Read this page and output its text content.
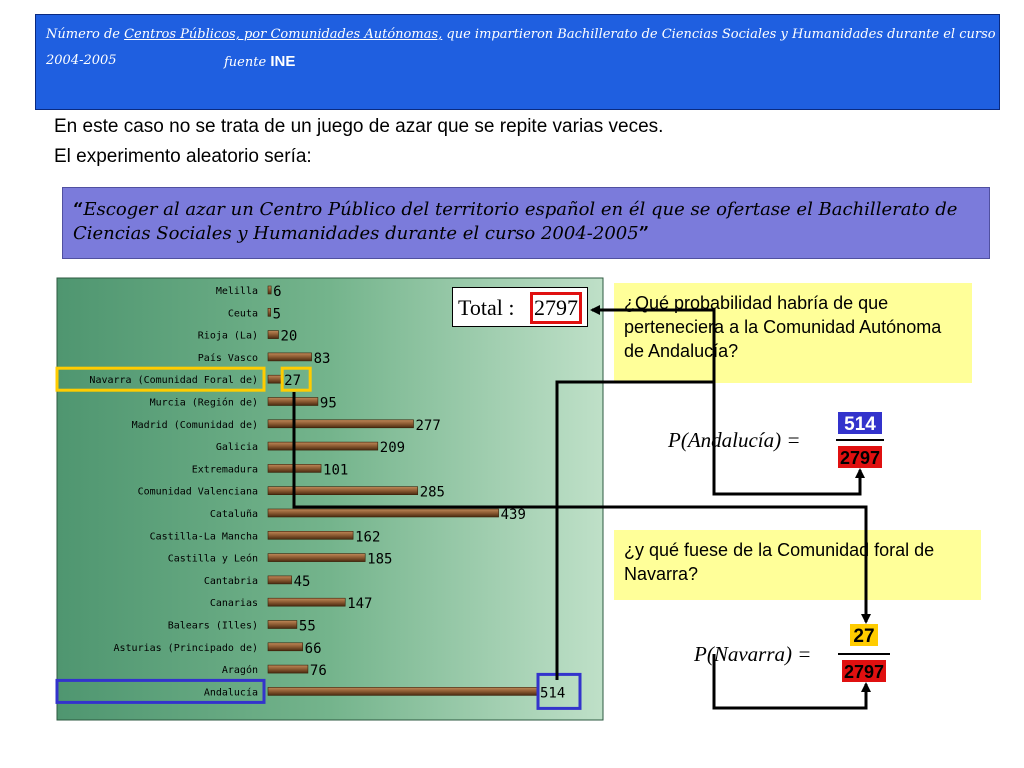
Número de Centros Públicos, por Comunidades Autónomas, que impartieron Bachillerato de Ciencias Sociales y Humanidades durante el curso
2004-2005	fuente INE
En este caso no se trata de un juego de azar que se repite varias veces.
El experimento aleatorio sería:
“Escoger al azar un Centro Público del territorio español en él que se ofertase el Bachillerato de Ciencias Sociales y Humanidades durante el curso 2004-2005”
¿Qué probabilidad habría de que perteneciera a la Comunidad Autónoma de Andalucía?
¿y qué fuese de la Comunidad foral de Navarra?
P(Andalucía) =
P(Navarra) =
Melilla 6
Ceuta 5
Rioja (La) 20
País Vasco	83
Navarra (Comunidad Foral de) 27
Murcia (Región de)	95
Madrid (Comunidad de)	277
Galicia	209
Extremadura	101
Comunidad Valenciana	285
Cataluña	439
Castilla-La Mancha	162
Castilla y León	185
Cantabria	45
Canarias	147
Balears (Illes)	55
Asturias (Principado de)	66
Aragón	76
Andalucía	514
514
2797
27
2797
Total : 2797
